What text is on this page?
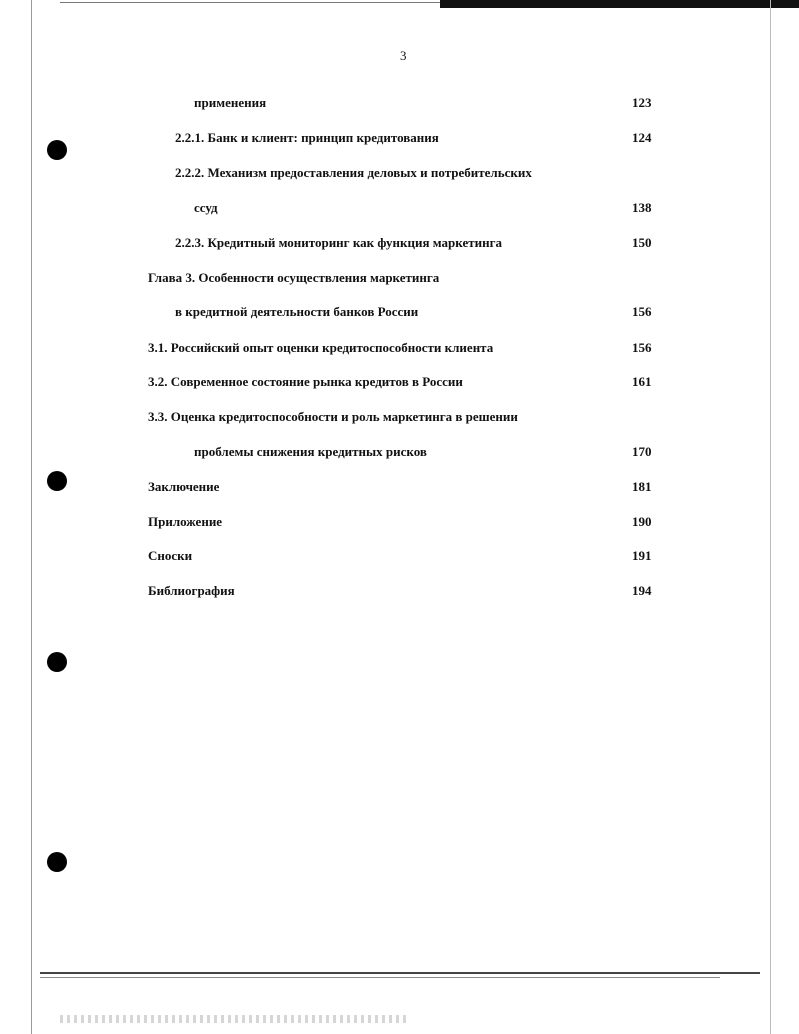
3
применения	123
2.2.1. Банк и клиент: принцип кредитования	124
2.2.2. Механизм предоставления деловых и потребительских
ссуд	138
2.2.3. Кредитный мониторинг как функция маркетинга	150
Глава 3. Особенности осуществления маркетинга
в кредитной деятельности банков России	156
3.1. Российский опыт оценки кредитоспособности клиента	156
3.2. Современное состояние рынка кредитов в России	161
3.3. Оценка кредитоспособности и роль маркетинга в решении
проблемы снижения кредитных рисков	170
Заключение	181
Приложение	190
Сноски	191
Библиография	194
